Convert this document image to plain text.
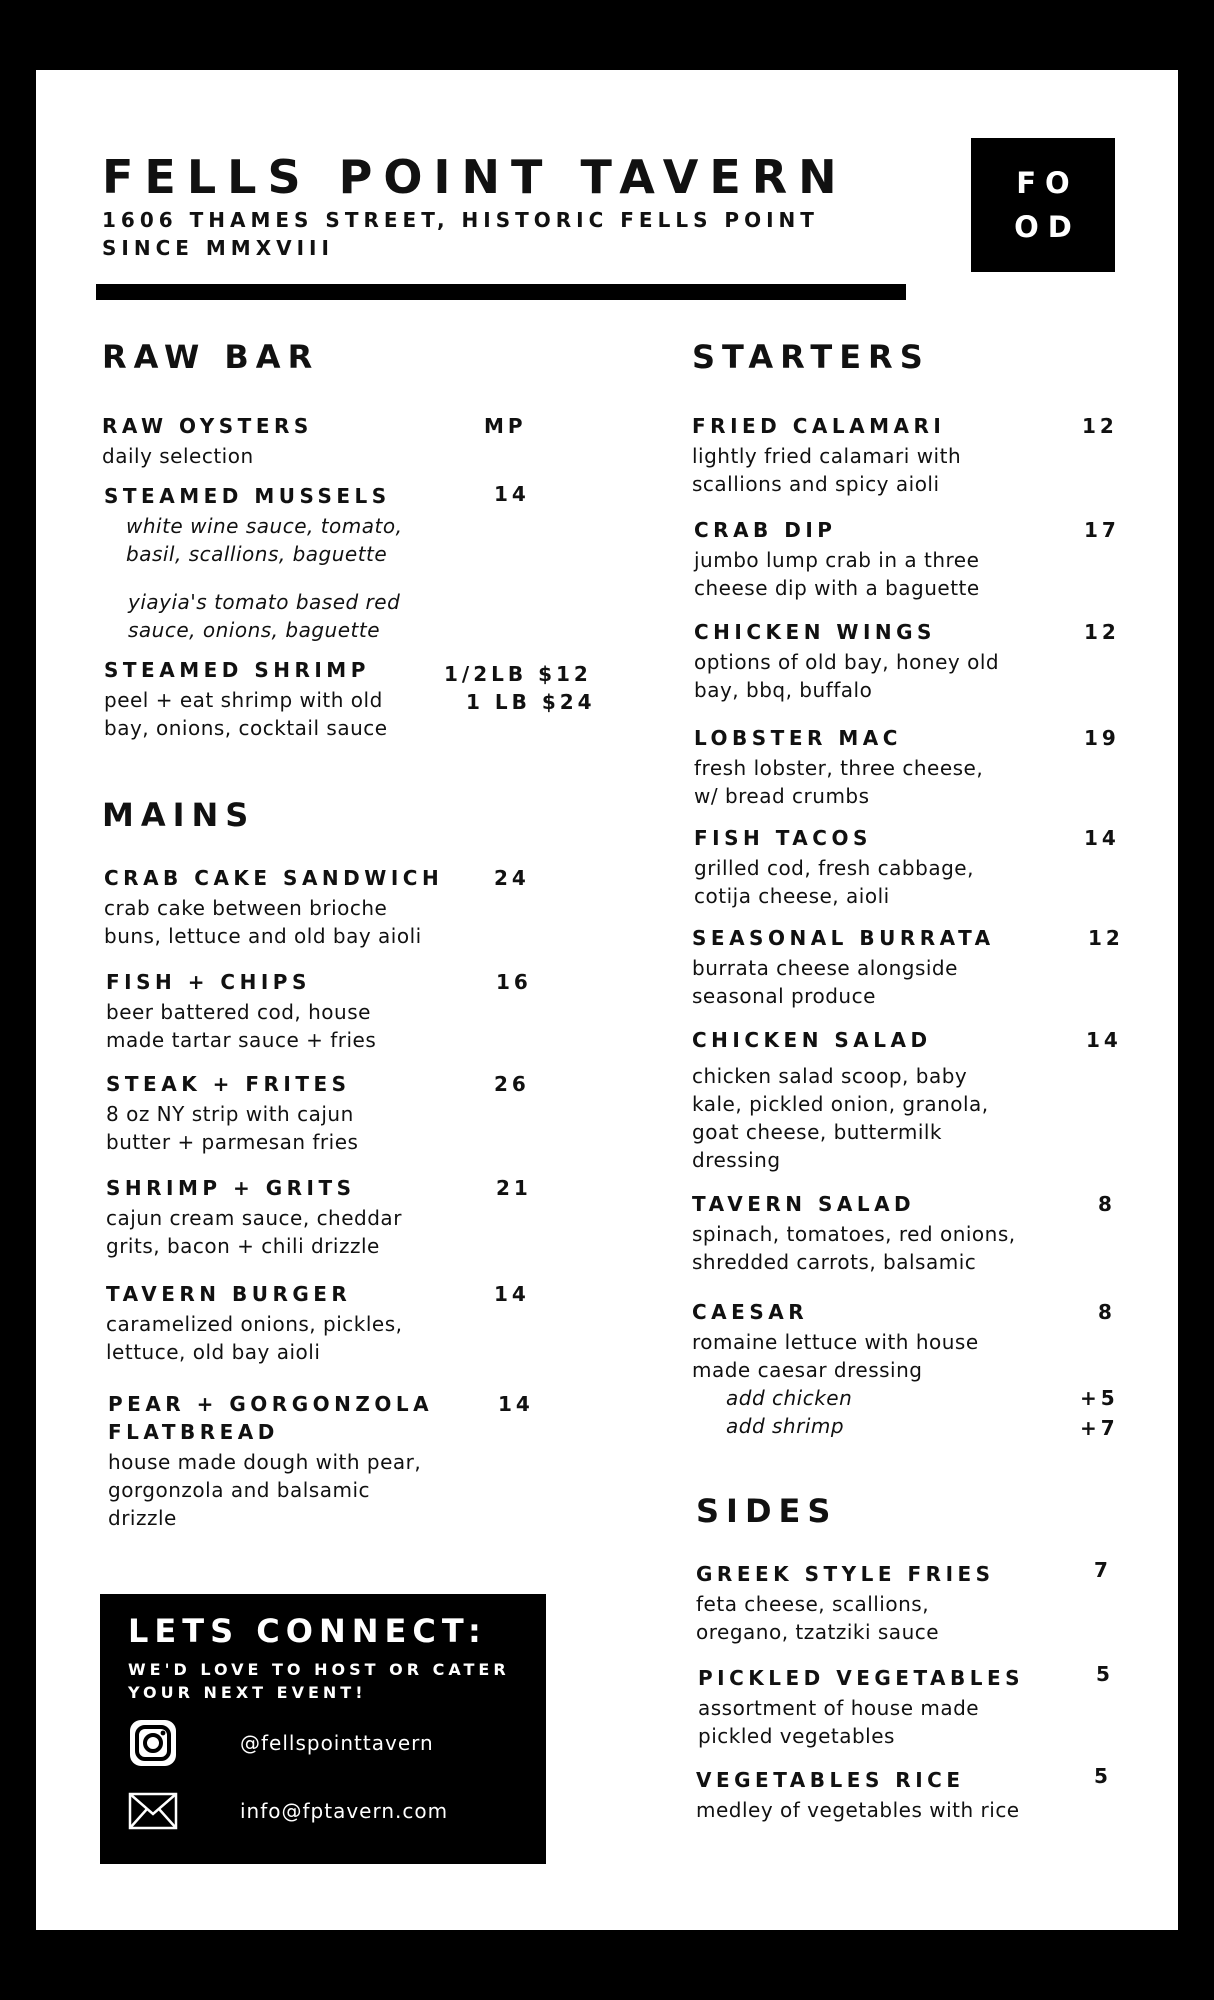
FELLS POINT TAVERN
1606 THAMES STREET, HISTORIC FELLS POINT
SINCE MMXVIII
FO
OD
RAW BAR
RAW OYSTERS	MP
daily selection
STEAMED MUSSELS	14
white wine sauce, tomato,
basil, scallions, baguette
yiayia's tomato based red
sauce, onions, baguette
STEAMED SHRIMP	1/2LB $12
1 LB $24
peel + eat shrimp with old
bay, onions, cocktail sauce
MAINS
CRAB CAKE SANDWICH	24
crab cake between brioche
buns, lettuce and old bay aioli
FISH + CHIPS	16
beer battered cod, house
made tartar sauce + fries
STEAK + FRITES	26
8 oz NY strip with cajun
butter + parmesan fries
SHRIMP + GRITS	21
cajun cream sauce, cheddar
grits, bacon + chili drizzle
TAVERN BURGER	14
caramelized onions, pickles,
lettuce, old bay aioli
PEAR + GORGONZOLA
FLATBREAD
14
house made dough with pear,
gorgonzola and balsamic
drizzle
STARTERS
FRIED CALAMARI	12
lightly fried calamari with
scallions and spicy aioli
CRAB DIP	17
jumbo lump crab in a three
cheese dip with a baguette
CHICKEN WINGS	12
options of old bay, honey old
bay, bbq, buffalo
LOBSTER MAC	19
fresh lobster, three cheese,
w/ bread crumbs
FISH TACOS	14
grilled cod, fresh cabbage,
cotija cheese, aioli
SEASONAL BURRATA	12
burrata cheese alongside
seasonal produce
CHICKEN SALAD	14
chicken salad scoop, baby
kale, pickled onion, granola,
goat cheese, buttermilk
dressing
TAVERN SALAD	8
spinach, tomatoes, red onions,
shredded carrots, balsamic
CAESAR	8
romaine lettuce with house
made caesar dressing
add chicken	+5
add shrimp	+7
SIDES
GREEK STYLE FRIES	7
feta cheese, scallions,
oregano, tzatziki sauce
PICKLED VEGETABLES	5
assortment of house made
pickled vegetables
VEGETABLES RICE	5
medley of vegetables with rice
LETS CONNECT:
WE'D LOVE TO HOST OR CATER
YOUR NEXT EVENT!
@fellspointtavern
info@fptavern.com
